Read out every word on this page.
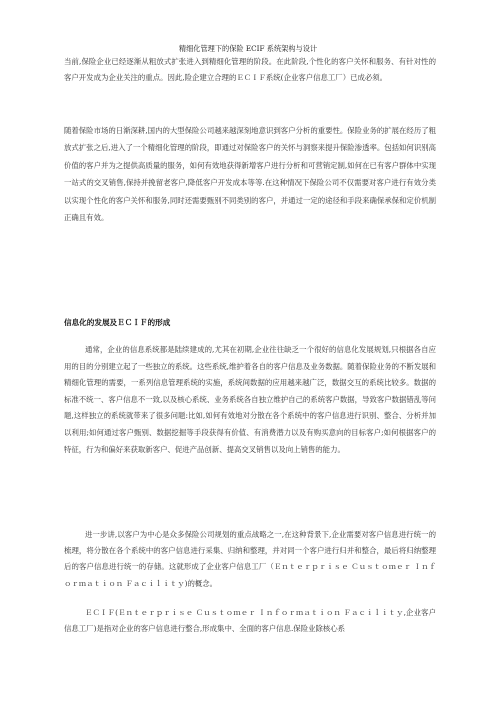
精细化管理下的保险 ECIF 系统架构与设计

当前,保险企业已经逐渐从粗放式扩张进入到精细化管理的阶段。在此阶段,个性化的客户关怀和服务、有针对性的客户开发成为企业关注的重点。因此,险企建立合理的ＥＣＩＦ系统(企业客户信息工厂）已成必须。

随着保险市场的日渐深耕,国内的大型保险公司越来越深刻地意识到客户分析的重要性。保险业务的扩展在经历了粗放式扩张之后,进入了一个精细化管理的阶段，即通过对保险客户的关怀与洞察来提升保险渗透率。包括如何识别高价值的客户并为之提供高质量的服务，如何有效地获得新增客户进行分析和可营销定制,如何在已有客户群体中实现一站式的交叉销售,保持并挽留老客户,降低客户开发成本等等.在这种情况下保险公司不仅需要对客户进行有效分类以实现个性化的客户关怀和服务,同时还需要甄别不同类别的客户，并通过一定的途径和手段来确保承保和定价机制正确且有效。

信息化的发展及ＥＣＩＦ的形成

通常，企业的信息系统都是陆续建成的,尤其在初期,企业往往缺乏一个很好的信息化发展规划,只根据各自应用的目的分别建立起了一些独立的系统。这些系统,维护着各自的客户信息及业务数据。随着保险业务的不断发展和精细化管理的需要，一系列信息管理系统的实施，系统间数据的应用越来越广泛，数据交互的系统比较多。数据的标准不统一、客户信息不一致,以及核心系统、业务系统各自独立维护自己的系统客户数据，导致客户数据错乱等问题,这样独立的系统就带来了很多问题:比如,如何有效地对分散在各个系统中的客户信息进行识别、整合、分析并加以利用;如何通过客户甄别、数据挖掘等手段获得有价值、有消费潜力以及有购买意向的目标客户;如何根据客户的特征，行为和偏好来获取新客户、促进产品创新、提高交叉销售以及向上销售的能力。

进一步讲,以客户为中心是众多保险公司规划的重点战略之一,在这种背景下,企业需要对客户信息进行统一的梳理，将分散在各个系统中的客户信息进行采集、归纳和整理，并对同一个客户进行归并和整合，最后将归纳整理后的客户信息进行统一的存储。这就形成了企业客户信息工厂（Ｅｎｔｅｒｐｒｉｓｅ Ｃｕｓｔｏｍｅｒ Ｉｎｆｏｒｍａｔｉｏｎ Ｆａｃｉｌｉｔｙ)的概念。

ＥＣＩＦ(Ｅｎｔｅｒｐｒｉｓｅ Ｃｕｓｔｏｍｅｒ Ｉｎｆｏｒｍａｔｉｏｎ Ｆａｃｉｌｉｔｙ,企业客户信息工厂)是指对企业的客户信息进行整合,形成集中、全面的客户信息.保险业除核心系
